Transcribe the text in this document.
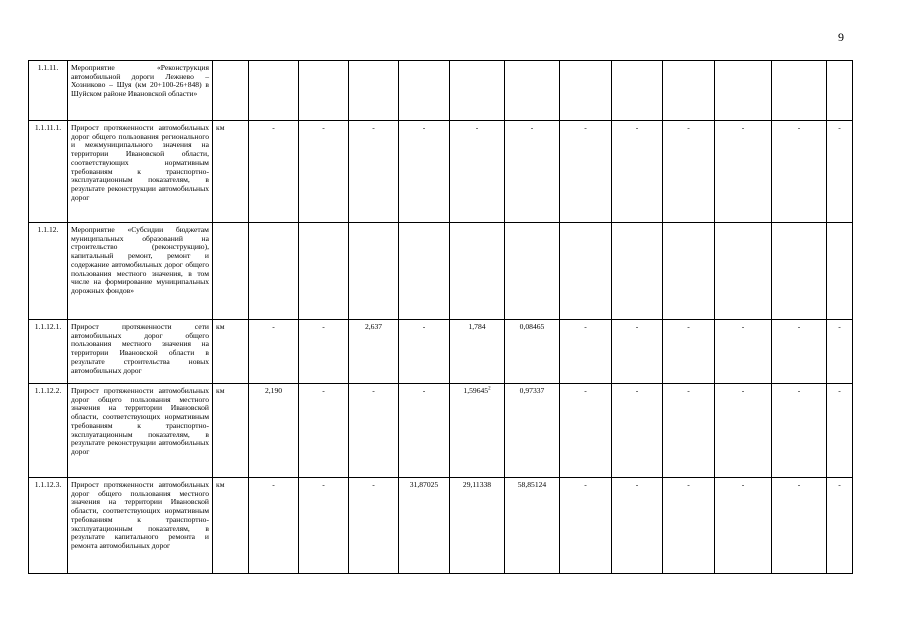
9
1.1.11.	Мероприятие «Реконструкция автомобильной дороги Лежнево – Хозниково – Шуя (км 20+100-26+848) в Шуйском районе Ивановской области»													
1.1.11.1.	Прирост протяженности автомобильных дорог общего пользования регионального и межмуниципального значения на территории Ивановской области, соответствующих нормативным требованиям к транспортно-эксплуатационным показателям, в результате реконструкции автомобильных дорог	км	-	-	-	-	-	-	-	-	-	-	-	-
1.1.12.	Мероприятие «Субсидии бюджетам муниципальных образований на строительство (реконструкцию), капитальный ремонт, ремонт и содержание автомобильных дорог общего пользования местного значения, в том числе на формирование муниципальных дорожных фондов»													
1.1.12.1.	Прирост протяженности сети автомобильных дорог общего пользования местного значения на территории Ивановской области в результате строительства новых автомобильных дорог	км	-	-	2,637	-	1,784	0,08465	-	-	-	-	-	-
1.1.12.2.	Прирост протяженности автомобильных дорог общего пользования местного значения на территории Ивановской области, соответствующих нормативным требованиям к транспортно-эксплуатационным показателям, в результате реконструкции автомобильных дорог	км	2,190	-	-	-	1,59645$^2$	0,97337	-	-	-	-	-	-
1.1.12.3.	Прирост протяженности автомобильных дорог общего пользования местного значения на территории Ивановской области, соответствующих нормативным требованиям к транспортно-эксплуатационным показателям, в результате капитального ремонта и ремонта автомобильных дорог	км	-	-	-	31,87025	29,11338	58,85124	-	-	-	-	-	-
